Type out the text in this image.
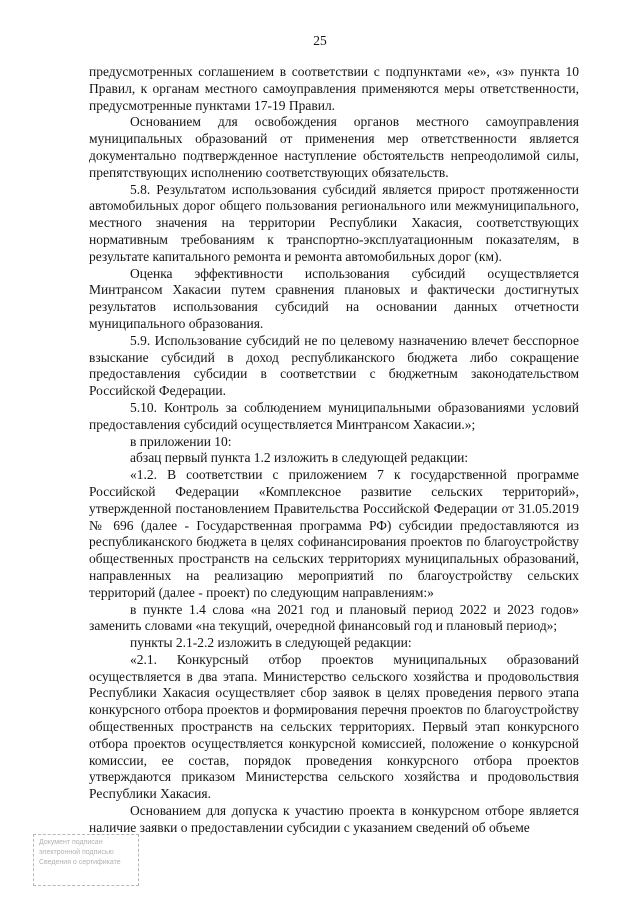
25

предусмотренных соглашением в соответствии с подпунктами «е», «з» пункта 10 Правил, к органам местного самоуправления применяются меры ответственности, предусмотренные пунктами 17-19 Правил.

Основанием для освобождения органов местного самоуправления муниципальных образований от применения мер ответственности является документально подтвержденное наступление обстоятельств непреодолимой силы, препятствующих исполнению соответствующих обязательств.

5.8. Результатом использования субсидий является прирост протяженности автомобильных дорог общего пользования регионального или межмуниципального, местного значения на территории Республики Хакасия, соответствующих нормативным требованиям к транспортно-эксплуатационным показателям, в результате капитального ремонта и ремонта автомобильных дорог (км).

Оценка эффективности использования субсидий осуществляется Минтрансом Хакасии путем сравнения плановых и фактически достигнутых результатов использования субсидий на основании данных отчетности муниципального образования.

5.9. Использование субсидий не по целевому назначению влечет бесспорное взыскание субсидий в доход республиканского бюджета либо сокращение предоставления субсидии в соответствии с бюджетным законодательством Российской Федерации.

5.10. Контроль за соблюдением муниципальными образованиями условий предоставления субсидий осуществляется Минтрансом Хакасии.»;

в приложении 10:

абзац первый пункта 1.2 изложить в следующей редакции:

«1.2. В соответствии с приложением 7 к государственной программе Российской Федерации «Комплексное развитие сельских территорий», утвержденной постановлением Правительства Российской Федерации от 31.05.2019 № 696 (далее - Государственная программа РФ) субсидии предоставляются из республиканского бюджета в целях софинансирования проектов по благоустройству общественных пространств на сельских территориях муниципальных образований, направленных на реализацию мероприятий по благоустройству сельских территорий (далее - проект) по следующим направлениям:»

в пункте 1.4 слова «на 2021 год и плановый период 2022 и 2023 годов» заменить словами «на текущий, очередной финансовый год и плановый период»;

пункты 2.1-2.2 изложить в следующей редакции:

«2.1. Конкурсный отбор проектов муниципальных образований осуществляется в два этапа. Министерство сельского хозяйства и продовольствия Республики Хакасия осуществляет сбор заявок в целях проведения первого этапа конкурсного отбора проектов и формирования перечня проектов по благоустройству общественных пространств на сельских территориях. Первый этап конкурсного отбора проектов осуществляется конкурсной комиссией, положение о конкурсной комиссии, ее состав, порядок проведения конкурсного отбора проектов утверждаются приказом Министерства сельского хозяйства и продовольствия Республики Хакасия.

Основанием для допуска к участию проекта в конкурсном отборе является наличие заявки о предоставлении субсидии с указанием сведений об объеме

Документ подписан
электронной подписью
Сведения о сертификате
